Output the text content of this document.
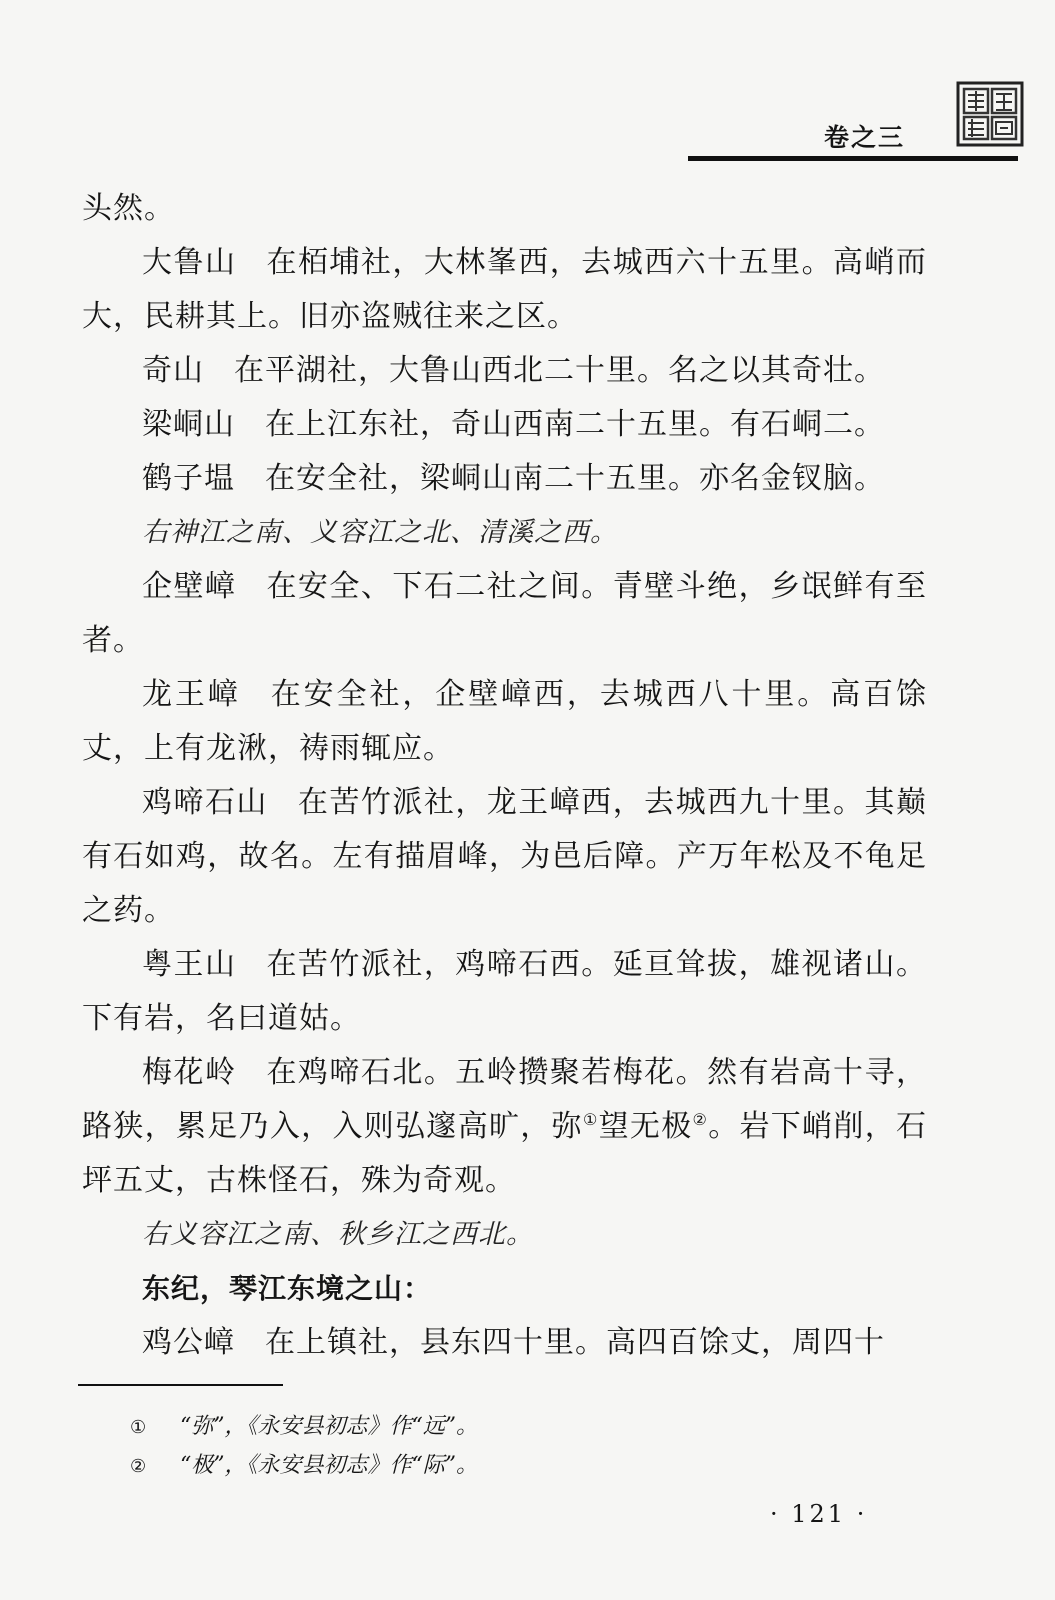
卷之三

头然。

大鲁山 在栢埔社，大林峯西，去城西六十五里。高峭而大，民耕其上。旧亦盗贼往来之区。

奇山 在平湖社，大鲁山西北二十里。名之以其奇壮。

梁峒山 在上江东社，奇山西南二十五里。有石峒二。

鹤子塭 在安全社，梁峒山南二十五里。亦名金钗脑。

右神江之南、义容江之北、清溪之西。

企壁嶂 在安全、下石二社之间。青壁斗绝，乡氓鲜有至者。

龙王嶂 在安全社，企壁嶂西，去城西八十里。高百馀丈，上有龙湫，祷雨辄应。

鸡啼石山 在苦竹派社，龙王嶂西，去城西九十里。其巅有石如鸡，故名。左有描眉峰，为邑后障。产万年松及不龟足之药。

粤王山 在苦竹派社，鸡啼石西。延亘耸拔，雄视诸山。下有岩，名曰道姑。

梅花岭 在鸡啼石北。五岭攒聚若梅花。然有岩高十寻，路狭，累足乃入，入则弘邃高旷，弥①望无极②。岩下峭削，石坪五丈，古株怪石，殊为奇观。

右义容江之南、秋乡江之西北。

东纪，琴江东境之山：

鸡公嶂 在上镇社，县东四十里。高四百馀丈，周四十

① “弥”，《永安县初志》作“远”。
② “极”，《永安县初志》作“际”。
· 121 ·
